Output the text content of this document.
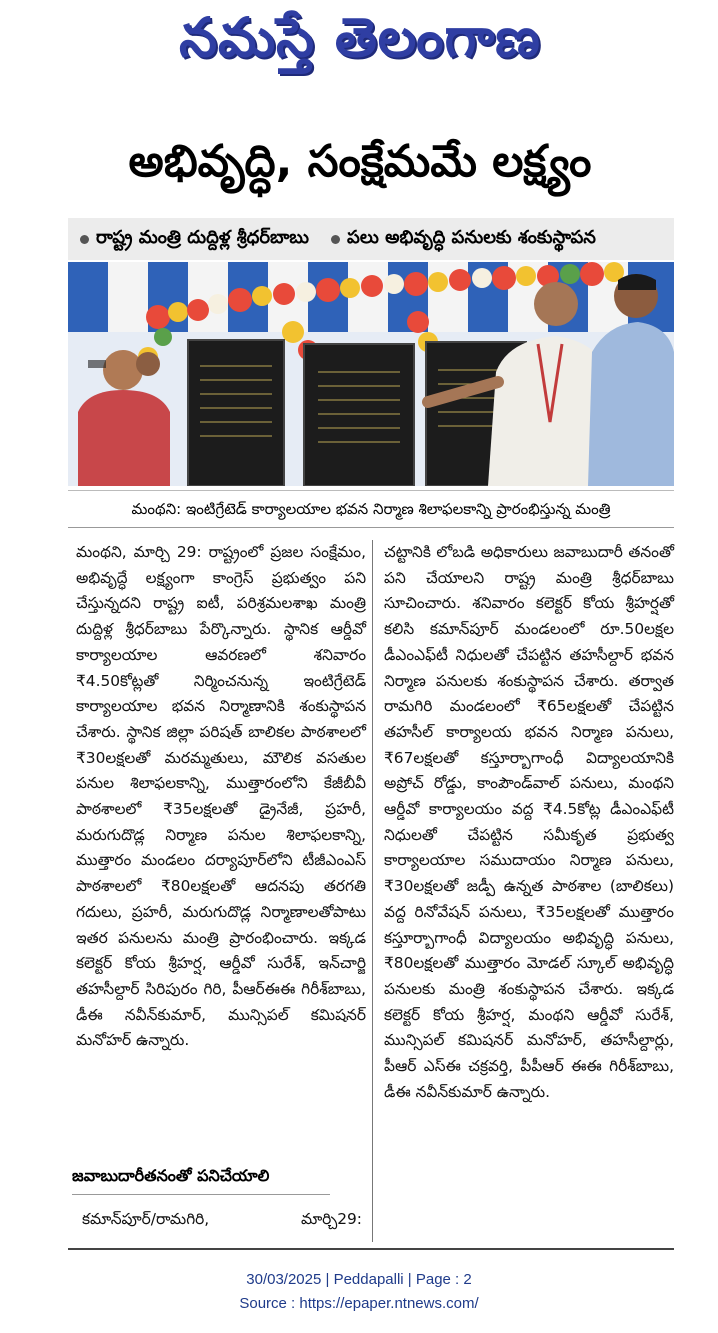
నమస్తే తెలంగాణ
అభివృద్ధి, సంక్షేమమే లక్ష్యం
రాష్ట్ర మంత్రి దుద్దిళ్ల శ్రీధర్‌బాబు పలు అభివృద్ధి పనులకు శంకుస్థాపన
మంథని: ఇంటిగ్రేటెడ్ కార్యాలయాల భవన నిర్మాణ శిలాఫలకాన్ని ప్రారంభిస్తున్న మంత్రి
మంథని, మార్చి 29: రాష్ట్రంలో ప్రజల సంక్షేమం, అభివృద్ధే లక్ష్యంగా కాంగ్రెస్ ప్రభుత్వం పని చేస్తున్నదని రాష్ట్ర ఐటీ, పరిశ్రమలశాఖ మంత్రి దుద్దిళ్ల శ్రీధర్‌బాబు పేర్కొన్నారు. స్థానిక ఆర్డీవో కార్యాలయాల ఆవరణలో శనివారం ₹4.50కోట్లతో నిర్మించనున్న ఇంటిగ్రేటెడ్ కార్యాలయాల భవన నిర్మాణానికి శంకుస్థాపన చేశారు. స్థానిక జిల్లా పరిషత్ బాలికల పాఠశాలలో ₹30లక్షలతో మరమ్మతులు, మౌలిక వసతుల పనుల శిలాఫలకాన్ని, ముత్తారంలోని కేజీబీవీ పాఠశాలలో ₹35లక్షలతో డ్రైనేజీ, ప్రహరీ, మరుగుదొడ్ల నిర్మాణ పనుల శిలాఫలకాన్ని, ముత్తారం మండలం దర్యాపూర్‌లోని టీజీఎంఎస్ పాఠశాలలో ₹80లక్షలతో ఆదనపు తరగతి గదులు, ప్రహరీ, మరుగుదొడ్ల నిర్మాణాలతోపాటు ఇతర పనులను మంత్రి ప్రారంభించారు. ఇక్కడ కలెక్టర్ కోయ శ్రీహర్ష, ఆర్డీవో సురేశ్, ఇన్‌చార్జి తహసీల్దార్ సిరిపురం గిరి, పీఆర్‌ఈఈ గిరీశ్‌బాబు, డీఈ నవీన్‌కుమార్, మున్సిపల్ కమిషనర్ మనోహర్ ఉన్నారు.
చట్టానికి లోబడి అధికారులు జవాబుదారీ తనంతో పని చేయాలని రాష్ట్ర మంత్రి శ్రీధర్‌బాబు సూచించారు. శనివారం కలెక్టర్ కోయ శ్రీహర్షతో కలిసి కమాన్‌పూర్ మండలంలో రూ.50లక్షల డీఎంఎఫ్‌టీ నిధులతో చేపట్టిన తహసీల్దార్ భవన నిర్మాణ పనులకు శంకుస్థాపన చేశారు. తర్వాత రామగిరి మండలంలో ₹65లక్షలతో చేపట్టిన తహసీల్ కార్యాలయ భవన నిర్మాణ పనులు, ₹67లక్షలతో కస్తూర్బాగాంధీ విద్యాలయానికి అప్రోచ్ రోడ్డు, కాంపౌండ్‌వాల్ పనులు, మంథని ఆర్డీవో కార్యాలయం వద్ద ₹4.5కోట్ల డీఎంఎఫ్‌టీ నిధులతో చేపట్టిన సమీకృత ప్రభుత్వ కార్యాలయాల సముదాయం నిర్మాణ పనులు, ₹30లక్షలతో జడ్పీ ఉన్నత పాఠశాల (బాలికలు) వద్ద రినోవేషన్ పనులు, ₹35లక్షలతో ముత్తారం కస్తూర్బాగాంధీ విద్యాలయం అభివృద్ధి పనులు, ₹80లక్షలతో ముత్తారం మోడల్ స్కూల్ అభివృద్ధి పనులకు మంత్రి శంకుస్థాపన చేశారు. ఇక్కడ కలెక్టర్ కోయ శ్రీహర్ష, మంథని ఆర్డీవో సురేశ్, మున్సిపల్ కమిషనర్ మనోహర్, తహసీల్దార్లు, పీఆర్ ఎస్‌ఈ చక్రవర్తి, పీపీఆర్ ఈఈ గిరీశ్‌బాబు, డీఈ నవీన్‌కుమార్ ఉన్నారు.
జవాబుదారీతనంతో పనిచేయాలి
కమాన్‌పూర్/రామగిరి,	మార్చి29:
30/03/2025 | Peddapalli | Page : 2
Source : https://epaper.ntnews.com/
